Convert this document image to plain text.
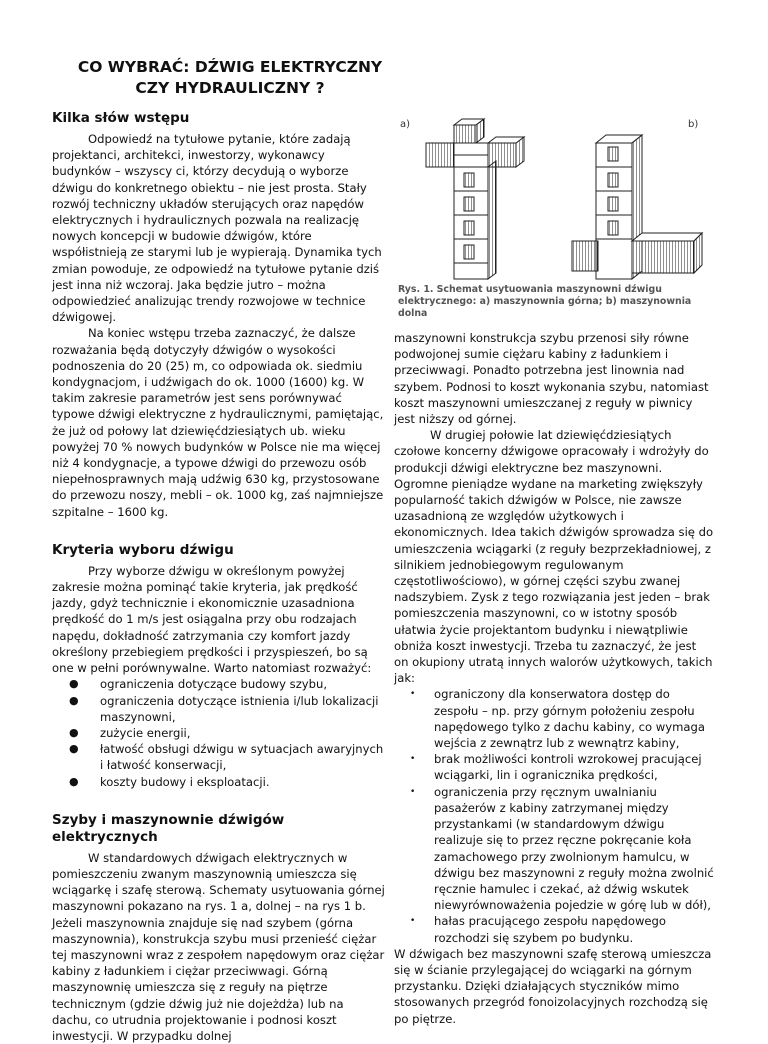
CO WYBRAĆ: DŹWIG ELEKTRYCZNY
CZY HYDRAULICZNY ?
Kilka słów wstępu

Odpowiedź na tytułowe pytanie, które zadają projektanci, architekci, inwestorzy, wykonawcy budynków – wszyscy ci, którzy decydują o wyborze dźwigu do konkretnego obiektu – nie jest prosta. Stały rozwój techniczny układów sterujących oraz napędów elektrycznych i hydraulicznych pozwala na realizację nowych koncepcji w budowie dźwigów, które współistnieją ze starymi lub je wypierają. Dynamika tych zmian powoduje, ze odpowiedź na tytułowe pytanie dziś jest inna niż wczoraj. Jaka będzie jutro – można odpowiedzieć analizując trendy rozwojowe w technice dźwigowej.

Na koniec wstępu trzeba zaznaczyć, że dalsze rozważania będą dotyczyły dźwigów o wysokości podnoszenia do 20 (25) m, co odpowiada ok. siedmiu kondygnacjom, i udźwigach do ok. 1000 (1600) kg. W takim zakresie parametrów jest sens porównywać typowe dźwigi elektryczne z hydraulicznymi, pamiętając, że już od połowy lat dziewięćdziesiątych ub. wieku powyżej 70 % nowych budynków w Polsce nie ma więcej niż 4 kondygnacje, a typowe dźwigi do przewozu osób niepełnosprawnych mają udźwig 630 kg, przystosowane do przewozu noszy, mebli – ok. 1000 kg, zaś najmniejsze szpitalne – 1600 kg.

Kryteria wyboru dźwigu

Przy wyborze dźwigu w określonym powyżej zakresie można pominąć takie kryteria, jak prędkość jazdy, gdyż technicznie i ekonomicznie uzasadniona prędkość do 1 m/s jest osiągalna przy obu rodzajach napędu, dokładność zatrzymania czy komfort jazdy określony przebiegiem prędkości i przyspieszeń, bo są one w pełni porównywalne. Warto natomiast rozważyć:

● ograniczenia dotyczące budowy szybu,
● ograniczenia dotyczące istnienia i/lub lokalizacji maszynowni,
● zużycie energii,
● łatwość obsługi dźwigu w sytuacjach awaryjnych i łatwość konserwacji,
● koszty budowy i eksploatacji.
Szyby i maszynownie dźwigów elektrycznych

W standardowych dźwigach elektrycznych w pomieszczeniu zwanym maszynownią umieszcza się wciągarkę i szafę sterową. Schematy usytuowania górnej maszynowni pokazano na rys. 1 a, dolnej – na rys 1 b. Jeżeli maszynownia znajduje się nad szybem (górna maszynownia), konstrukcja szybu musi przenieść ciężar tej maszynowni wraz z zespołem napędowym oraz ciężar kabiny z ładunkiem i ciężar przeciwwagi. Górną maszynownię umieszcza się z reguły na piętrze technicznym (gdzie dźwig już nie dojeżdża) lub na dachu, co utrudnia projektowanie i podnosi koszt inwestycji. W przypadku dolnej

a)	b)
Rys. 1. Schemat usytuowania maszynowni dźwigu elektrycznego: a) maszynownia górna; b) maszynownia dolna

maszynowni konstrukcja szybu przenosi siły równe podwojonej sumie ciężaru kabiny z ładunkiem i przeciwwagi. Ponadto potrzebna jest linownia nad szybem. Podnosi to koszt wykonania szybu, natomiast koszt maszynowni umieszczanej z reguły w piwnicy jest niższy od górnej.

W drugiej połowie lat dziewięćdziesiątych czołowe koncerny dźwigowe opracowały i wdrożyły do produkcji dźwigi elektryczne bez maszynowni. Ogromne pieniądze wydane na marketing zwiększyły popularność takich dźwigów w Polsce, nie zawsze uzasadnioną ze względów użytkowych i ekonomicznych. Idea takich dźwigów sprowadza się do umieszczenia wciągarki (z reguły bezprzekładniowej, z silnikiem jednobiegowym regulowanym częstotliwościowo), w górnej części szybu zwanej nadszybiem. Zysk z tego rozwiązania jest jeden – brak pomieszczenia maszynowni, co w istotny sposób ułatwia życie projektantom budynku i niewątpliwie obniża koszt inwestycji. Trzeba tu zaznaczyć, że jest on okupiony utratą innych walorów użytkowych, takich jak:

• ograniczony dla konserwatora dostęp do zespołu – np. przy górnym położeniu zespołu napędowego tylko z dachu kabiny, co wymaga wejścia z zewnątrz lub z wewnątrz kabiny,
• brak możliwości kontroli wzrokowej pracującej wciągarki, lin i ogranicznika prędkości,
• ograniczenia przy ręcznym uwalnianiu pasażerów z kabiny zatrzymanej między przystankami (w standardowym dźwigu realizuje się to przez ręczne pokręcanie koła zamachowego przy zwolnionym hamulcu, w dźwigu bez maszynowni z reguły można zwolnić ręcznie hamulec i czekać, aż dźwig wskutek niewyrównoważenia pojedzie w górę lub w dół),
• hałas pracującego zespołu napędowego rozchodzi się szybem po budynku.

W dźwigach bez maszynowni szafę sterową umieszcza się w ścianie przylegającej do wciągarki na górnym przystanku. Dzięki działających styczników mimo stosowanych przegród fonoizolacyjnych rozchodzą się po piętrze.
